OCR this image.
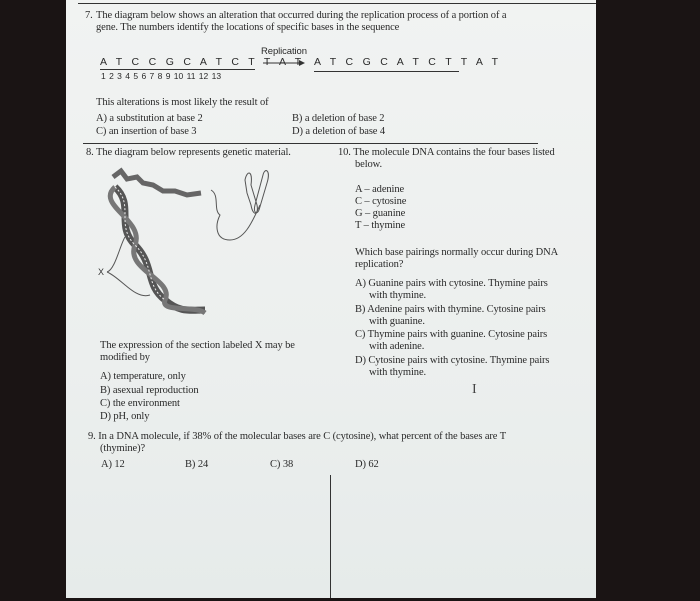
7. The diagram below shows an alteration that occurred during the replication process of a portion of a
gene. The numbers identify the locations of specific bases in the sequence
Replication
A T C C G C A T C T T A T
1 2 3 4 5 6 7 8 9 10 11 12 13
A T C G C A T C T T A T
This alterations is most likely the result of
A) a substitution at base 2	B) a deletion of base 2
C) an insertion of base 3	D) a deletion of base 4
8. The diagram below represents genetic material.
X
The expression of the section labeled X may be
modified by
A) temperature, only
B) asexual reproduction
C) the environment
D) pH, only
10. The molecule DNA contains the four bases listed
below.
A – adenine
C – cytosine
G – guanine
T – thymine
Which base pairings normally occur during DNA
replication?
A) Guanine pairs with cytosine. Thymine pairs
with thymine.
B) Adenine pairs with thymine. Cytosine pairs
with guanine.
C) Thymine pairs with guanine. Cytosine pairs
with adenine.
D) Cytosine pairs with cytosine. Thymine pairs
with thymine.
I
9. In a DNA molecule, if 38% of the molecular bases are C (cytosine), what percent of the bases are T
(thymine)?
A) 12	B) 24	C) 38	D) 62
